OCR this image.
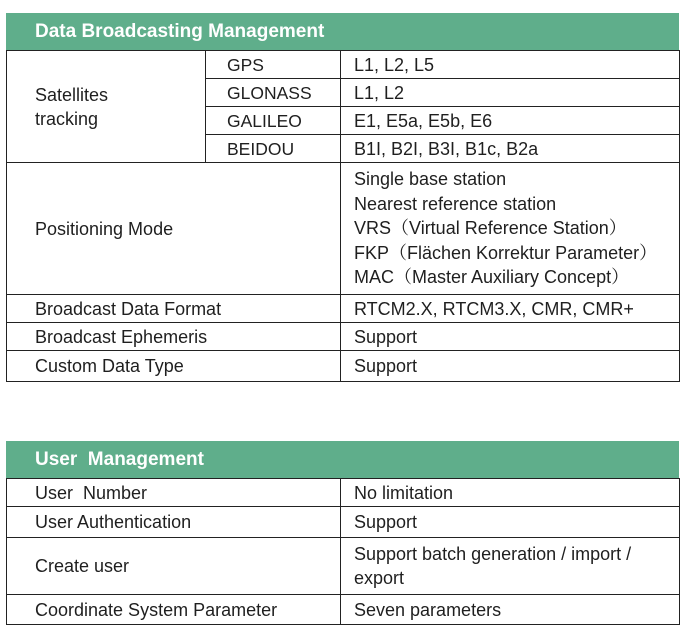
Data Broadcasting Management
Satellites tracking	GPS	L1, L2, L5
	GLONASS	L1, L2
	GALILEO	E1, E5a, E5b, E6
	BEIDOU	B1I, B2I, B3I, B1c, B2a
Positioning Mode		Single base station
Nearest reference station
VRS（Virtual Reference Station）
FKP（Flächen Korrektur Parameter）
MAC（Master Auxiliary Concept）

Broadcast Data Format		RTCM2.X, RTCM3.X, CMR, CMR+
Broadcast Ephemeris		Support
Custom Data Type		Support
User  Management
User  Number	No limitation
User Authentication	Support
Create user	Support batch generation / import / export
Coordinate System Parameter	Seven parameters
